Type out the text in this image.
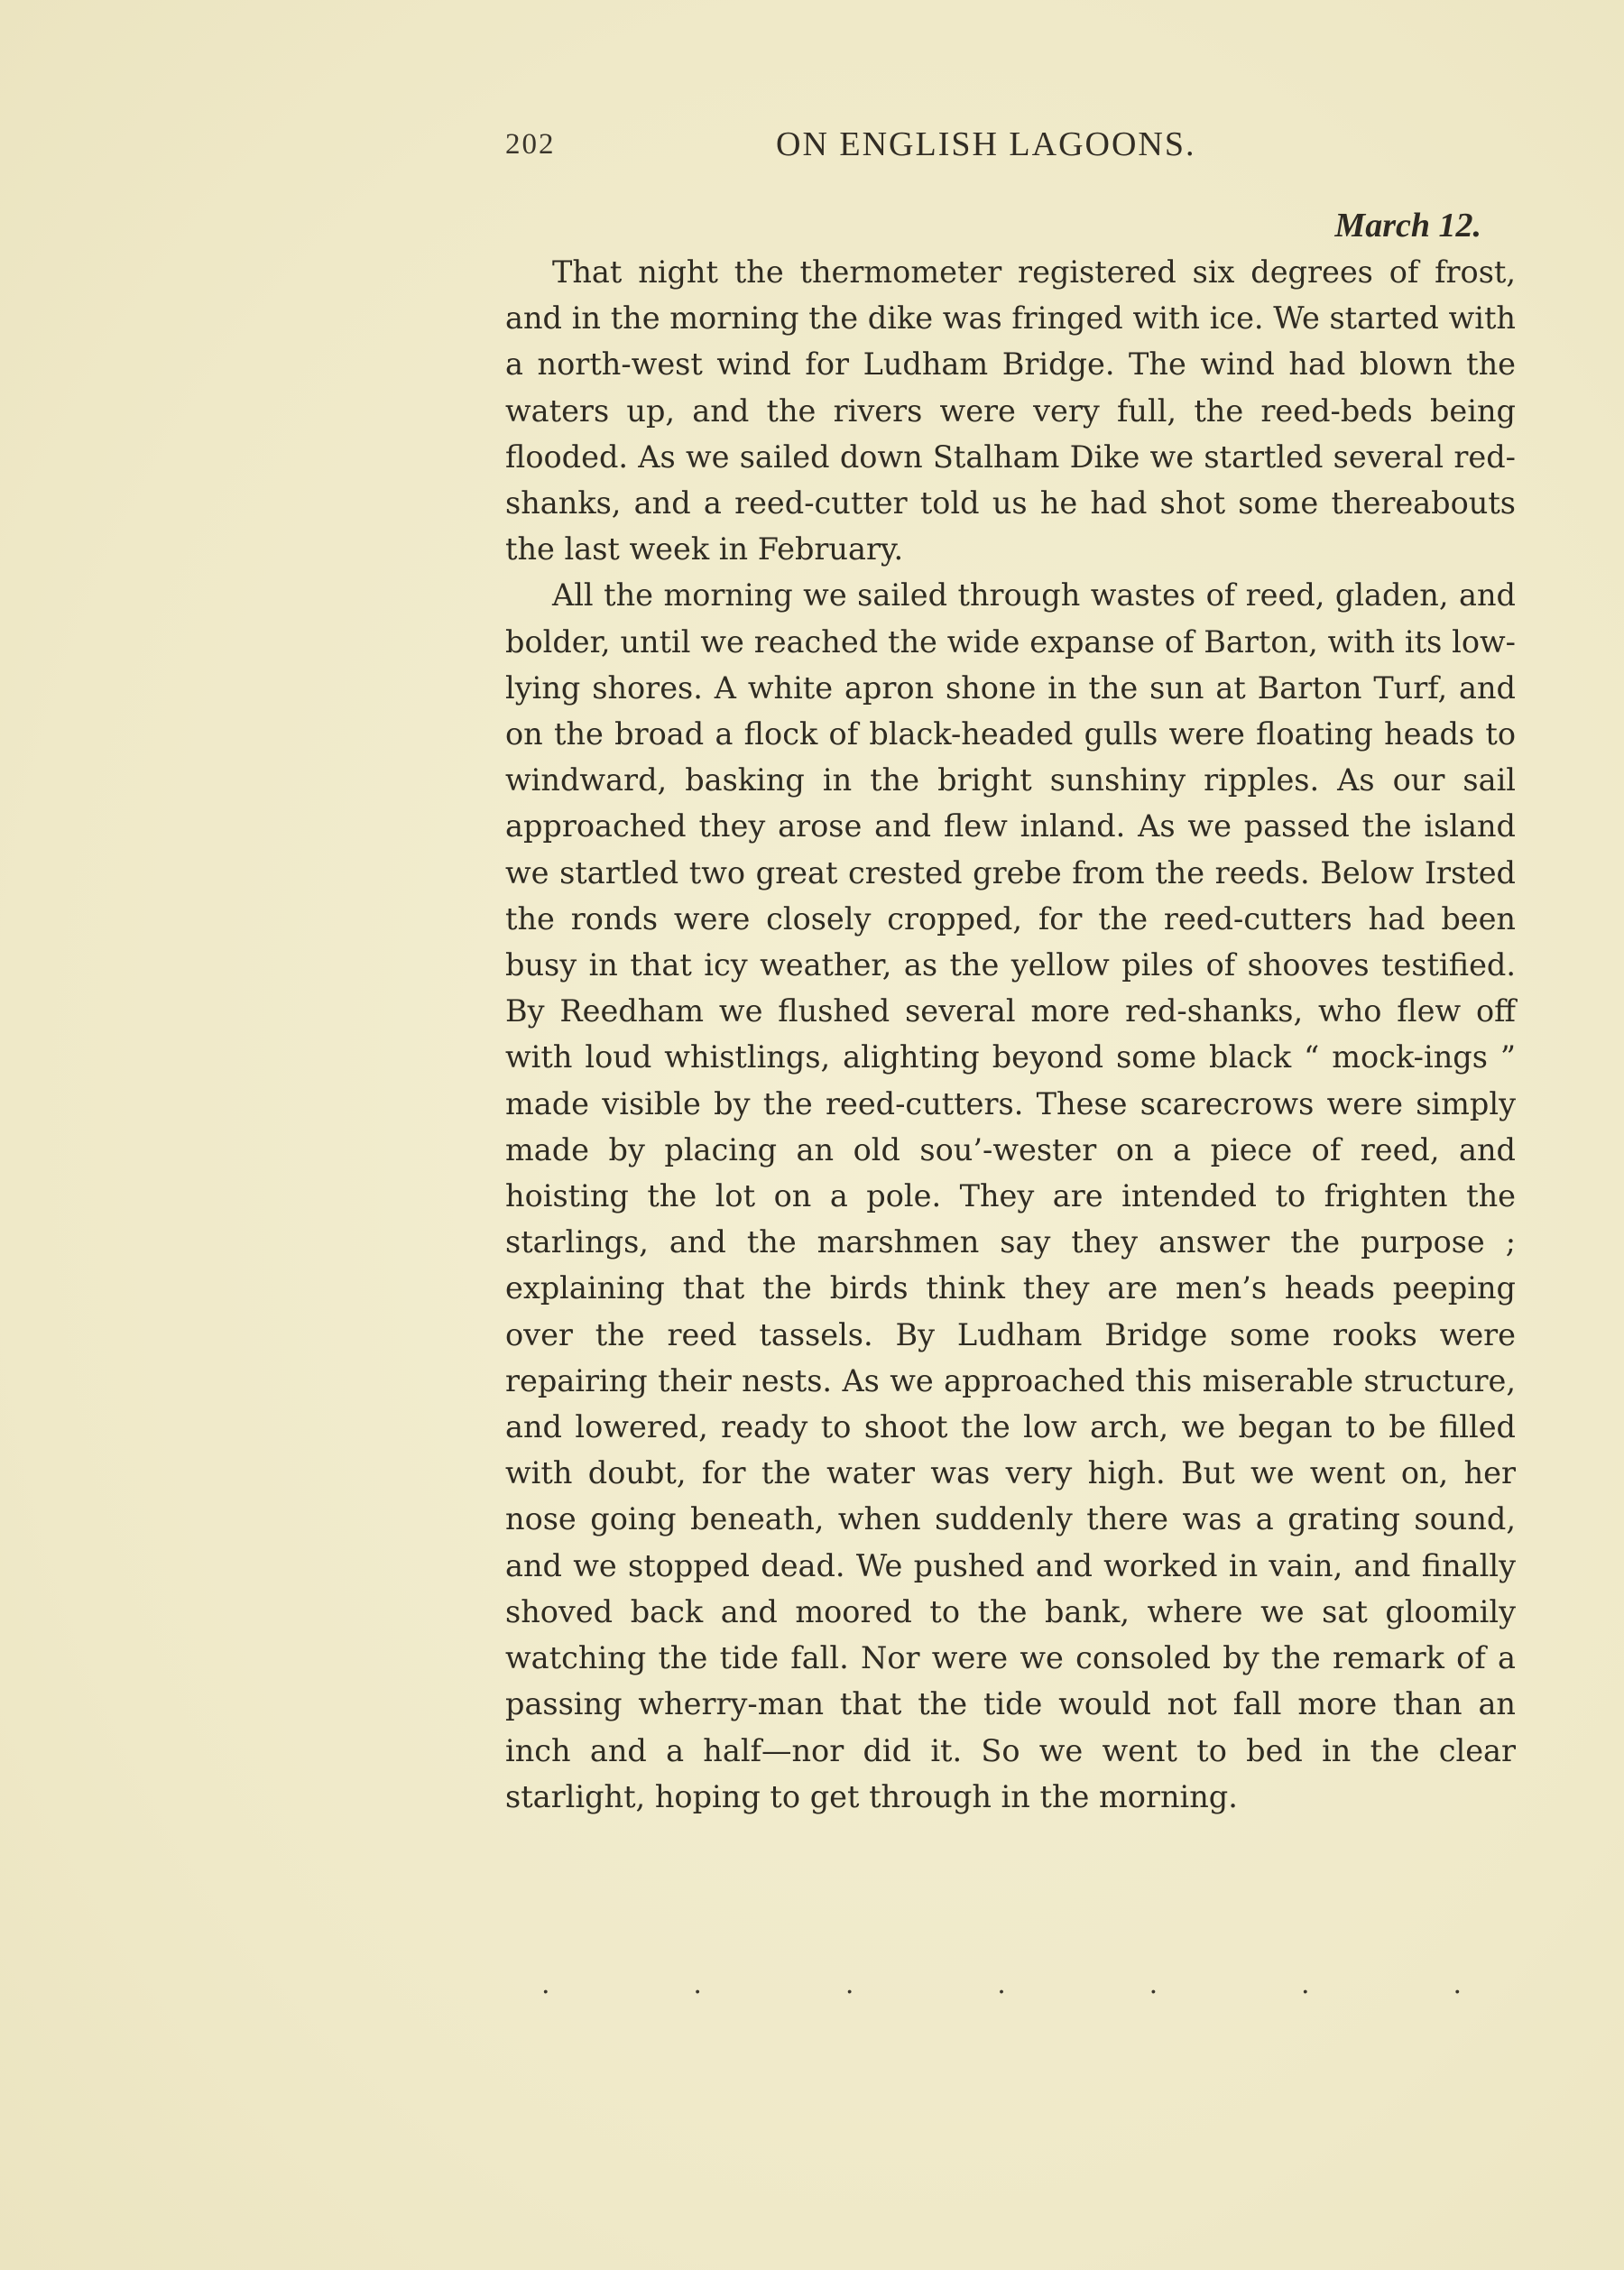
202	ON ENGLISH LAGOONS.
March 12.

That night the thermometer registered six degrees of frost, and in the morning the dike was fringed with ice. We started with a north-west wind for Ludham Bridge. The wind had blown the waters up, and the rivers were very full, the reed-beds being flooded. As we sailed down Stalham Dike we startled several red-shanks, and a reed-cutter told us he had shot some thereabouts the last week in February.

All the morning we sailed through wastes of reed, gladen, and bolder, until we reached the wide expanse of Barton, with its low-lying shores. A white apron shone in the sun at Barton Turf, and on the broad a flock of black-headed gulls were floating heads to windward, basking in the bright sunshiny ripples. As our sail approached they arose and flew inland. As we passed the island we startled two great crested grebe from the reeds. Below Irsted the ronds were closely cropped, for the reed-cutters had been busy in that icy weather, as the yellow piles of shooves testified. By Reedham we flushed several more red-shanks, who flew off with loud whistlings, alighting beyond some black “ mock-ings ” made visible by the reed-cutters. These scarecrows were simply made by placing an old sou’-wester on a piece of reed, and hoisting the lot on a pole. They are intended to frighten the starlings, and the marshmen say they answer the purpose ; explaining that the birds think they are men’s heads peeping over the reed tassels. By Ludham Bridge some rooks were repairing their nests. As we approached this miserable structure, and lowered, ready to shoot the low arch, we began to be filled with doubt, for the water was very high. But we went on, her nose going beneath, when suddenly there was a grating sound, and we stopped dead. We pushed and worked in vain, and finally shoved back and moored to the bank, where we sat gloomily watching the tide fall. Nor were we consoled by the remark of a passing wherry-man that the tide would not fall more than an inch and a half—nor did it. So we went to bed in the clear starlight, hoping to get through in the morning.

.	.	.	.	.	.	.
